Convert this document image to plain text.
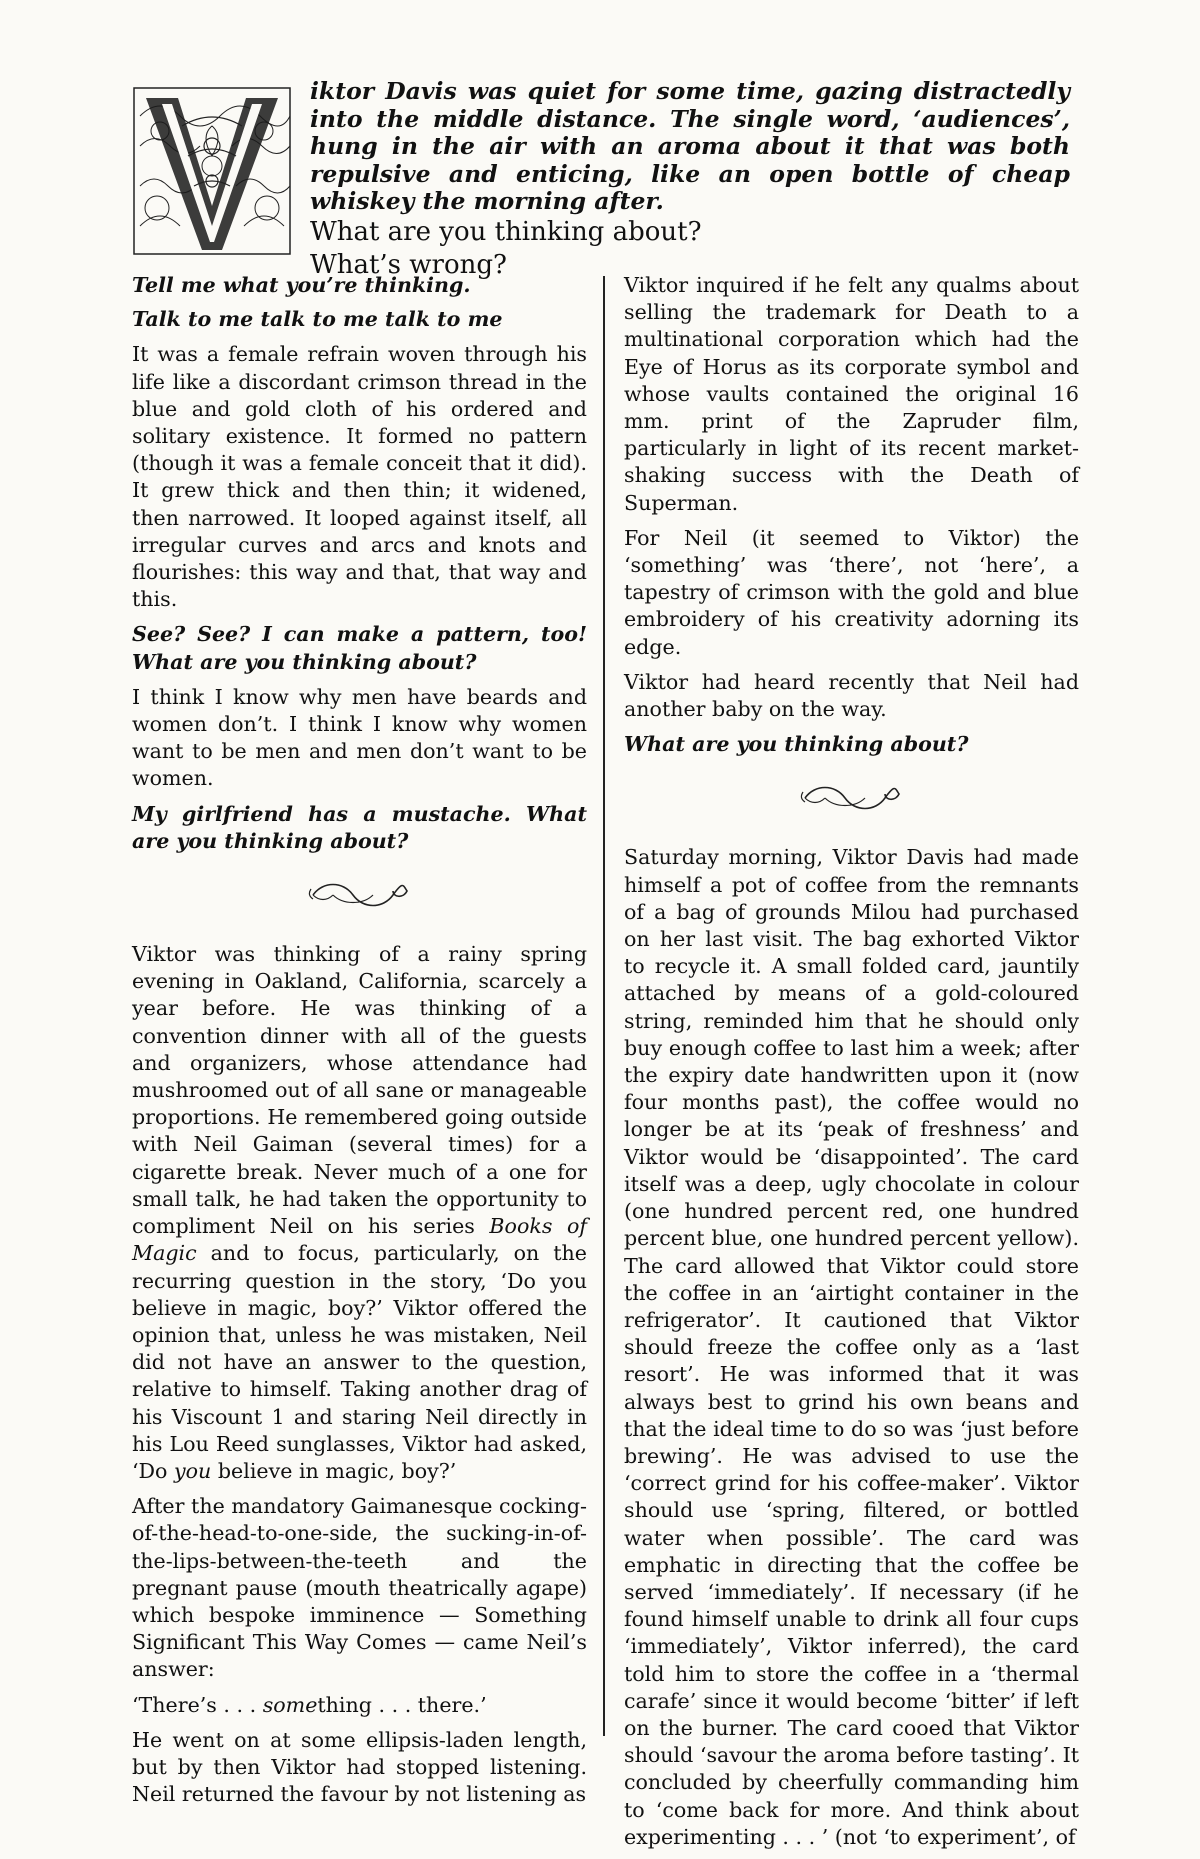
V

iktor Davis was quiet for some time, gazing distractedly into the middle distance. The single word, ‘audiences’, hung in the air with an aroma about it that was both repulsive and enticing, like an open bottle of cheap whiskey the morning after.

What are you thinking about?

What’s wrong?

Tell me what you’re thinking.

Talk to me talk to me talk to me

It was a female refrain woven through his life like a discordant crimson thread in the blue and gold cloth of his ordered and solitary existence. It formed no pattern (though it was a female conceit that it did). It grew thick and then thin; it widened, then narrowed. It looped against itself, all irregular curves and arcs and knots and flourishes: this way and that, that way and this.

See? See? I can make a pattern, too! What are you thinking about?

I think I know why men have beards and women don’t. I think I know why women want to be men and men don’t want to be women.

My girlfriend has a mustache. What are you thinking about?

Viktor was thinking of a rainy spring evening in Oakland, California, scarcely a year before. He was thinking of a convention dinner with all of the guests and organizers, whose attendance had mushroomed out of all sane or manageable proportions. He remembered going outside with Neil Gaiman (several times) for a cigarette break. Never much of a one for small talk, he had taken the opportunity to compliment Neil on his series Books of Magic and to focus, particularly, on the recurring question in the story, ‘Do you believe in magic, boy?’ Viktor offered the opinion that, unless he was mistaken, Neil did not have an answer to the question, relative to himself. Taking another drag of his Viscount 1 and staring Neil directly in his Lou Reed sunglasses, Viktor had asked, ‘Do you believe in magic, boy?’

After the mandatory Gaimanesque cocking-of-the-head-to-one-side, the sucking-in-of-the-lips-between-the-teeth and the pregnant pause (mouth theatrically agape) which bespoke imminence — Something Significant This Way Comes — came Neil’s answer:

‘There’s . . . something . . . there.’

He went on at some ellipsis-laden length, but by then Viktor had stopped listening. Neil returned the favour by not listening as

Viktor inquired if he felt any qualms about selling the trademark for Death to a multinational corporation which had the Eye of Horus as its corporate symbol and whose vaults contained the original 16 mm. print of the Zapruder film, particularly in light of its recent market-shaking success with the Death of Superman.

For Neil (it seemed to Viktor) the ‘something’ was ‘there’, not ‘here’, a tapestry of crimson with the gold and blue embroidery of his creativity adorning its edge.

Viktor had heard recently that Neil had another baby on the way.

What are you thinking about?

Saturday morning, Viktor Davis had made himself a pot of coffee from the remnants of a bag of grounds Milou had purchased on her last visit. The bag exhorted Viktor to recycle it. A small folded card, jauntily attached by means of a gold-coloured string, reminded him that he should only buy enough coffee to last him a week; after the expiry date handwritten upon it (now four months past), the coffee would no longer be at its ‘peak of freshness’ and Viktor would be ‘disappointed’. The card itself was a deep, ugly chocolate in colour (one hundred percent red, one hundred percent blue, one hundred percent yellow). The card allowed that Viktor could store the coffee in an ‘airtight container in the refrigerator’. It cautioned that Viktor should freeze the coffee only as a ‘last resort’. He was informed that it was always best to grind his own beans and that the ideal time to do so was ‘just before brewing’. He was advised to use the ‘correct grind for his coffee-maker’. Viktor should use ‘spring, filtered, or bottled water when possible’. The card was emphatic in directing that the coffee be served ‘immediately’. If necessary (if he found himself unable to drink all four cups ‘immediately’, Viktor inferred), the card told him to store the coffee in a ‘thermal carafe’ since it would become ‘bitter’ if left on the burner. The card cooed that Viktor should ‘savour the aroma before tasting’. It concluded by cheerfully commanding him to ‘come back for more. And think about experimenting . . . ’ (not ‘to experiment’, of
